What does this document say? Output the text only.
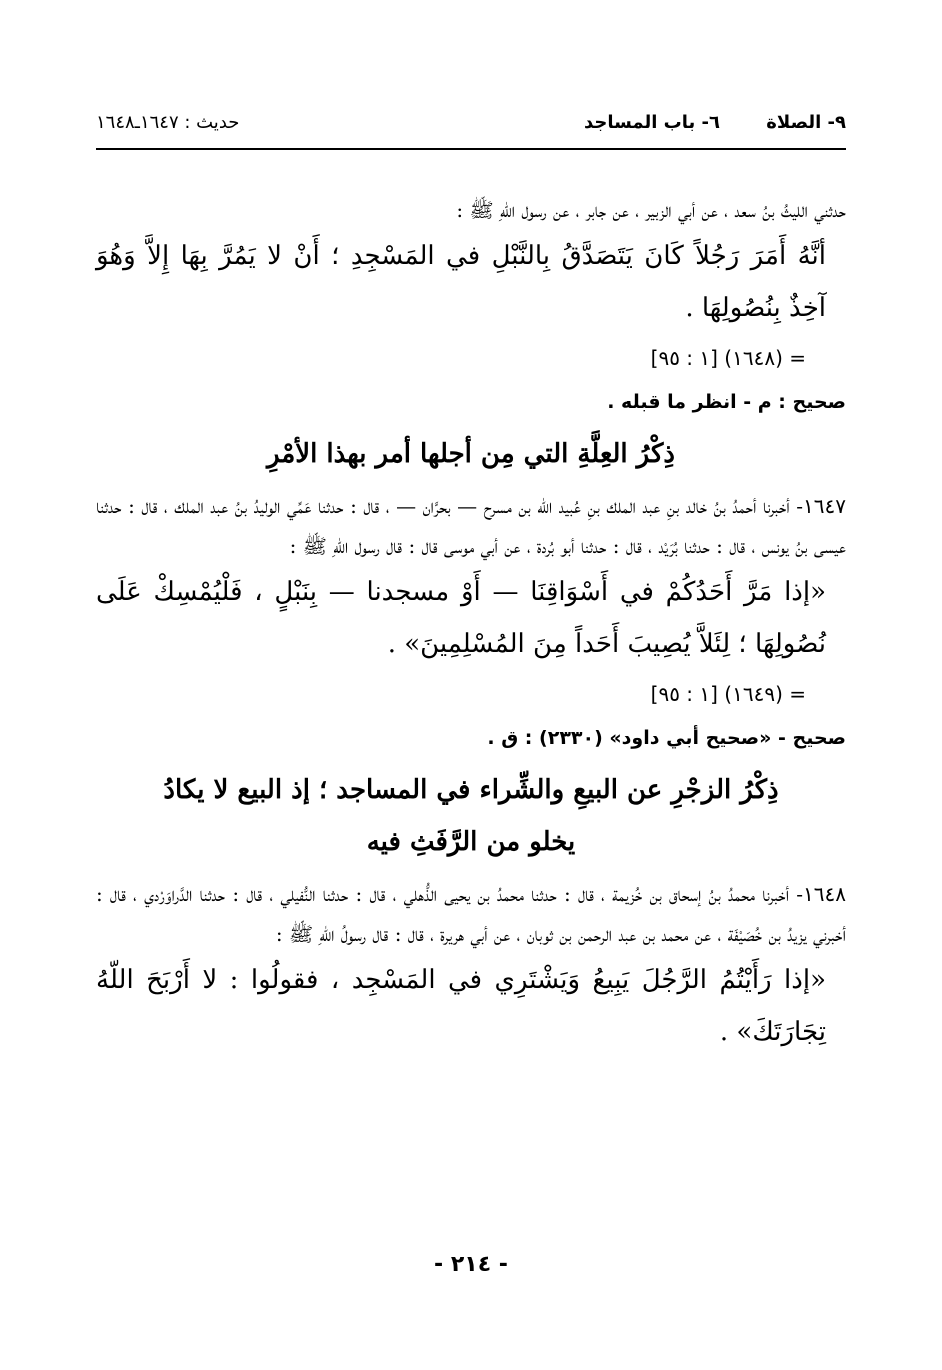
٩- الصلاة ٦- باب المساجد
حديث : ١٦٤٧ـ١٦٤٨

حدثني الليثُ بنُ سعد ، عن أبي الزبير ، عن جابر ، عن رسول اللهِ ﷺ :

أنَّهُ أَمَرَ رَجُلاً كَانَ يَتَصَدَّقُ بِالنَّبْلِ في المَسْجِدِ ؛ أَنْ لا يَمُرَّ بِهَا إِلاَّ وَهُوَ آخِذٌ بِنُصُولِهَا .

= (١٦٤٨) [١ : ٩٥]

صحيح : م - انظر ما قبله .

ذِكْرُ العِلَّةِ التي مِن أجلها أمر بهذا الأمْرِ

١٦٤٧- أخبرنا أحمدُ بنُ خالد بنِ عبد الملك بنِ عُبيد اللّه بن مسرح — بحرَّان — ، قال : حدثنا عَمِّي الوليدُ بنُ عبد الملك ، قال : حدثنا عيسى بنُ يونس ، قال : حدثنا بُرَيْد ، قال : حدثنا أبو بُردة ، عن أبي موسى قال : قال رسول اللّهِ ﷺ :

«إذا مَرَّ أَحَدُكُمْ في أَسْوَاقِنَا — أَوْ مسجدنا — بِنَبْلٍ ، فَلْيُمْسِكْ عَلَى نُصُولِهَا ؛ لِئَلاَّ يُصِيبَ أَحَداً مِنَ المُسْلِمِينَ» .

= (١٦٤٩) [١ : ٩٥]

صحيح - «صحيح أبي داود» (٢٣٣٠) : ق .

ذِكْرُ الزجْرِ عن البيعِ والشِّراء في المساجد ؛ إذ البيع لا يكادُ

يخلو من الرَّفَثِ فيه

١٦٤٨- أخبرنا محمدُ بنُ إسحاق بن خُزيمة ، قال : حدثنا محمدُ بن يحيى الذُّهلي ، قال : حدثنا النُّفيلي ، قال : حدثنا الدَّراوَرْدي ، قال : أخبرني يزيدُ بن خُصَيْفَة ، عن محمد بن عبد الرحمن بن ثوبان ، عن أبي هريرة ، قال : قال رسولُ اللّهِ ﷺ :

«إذا رَأَيْتُمُ الرَّجُلَ يَبِيعُ وَيَشْتَرِي في المَسْجِد ، فقولُوا : لا أَرْبَحَ اللّهُ تِجَارَتَكَ» .

- ٢١٤ -
